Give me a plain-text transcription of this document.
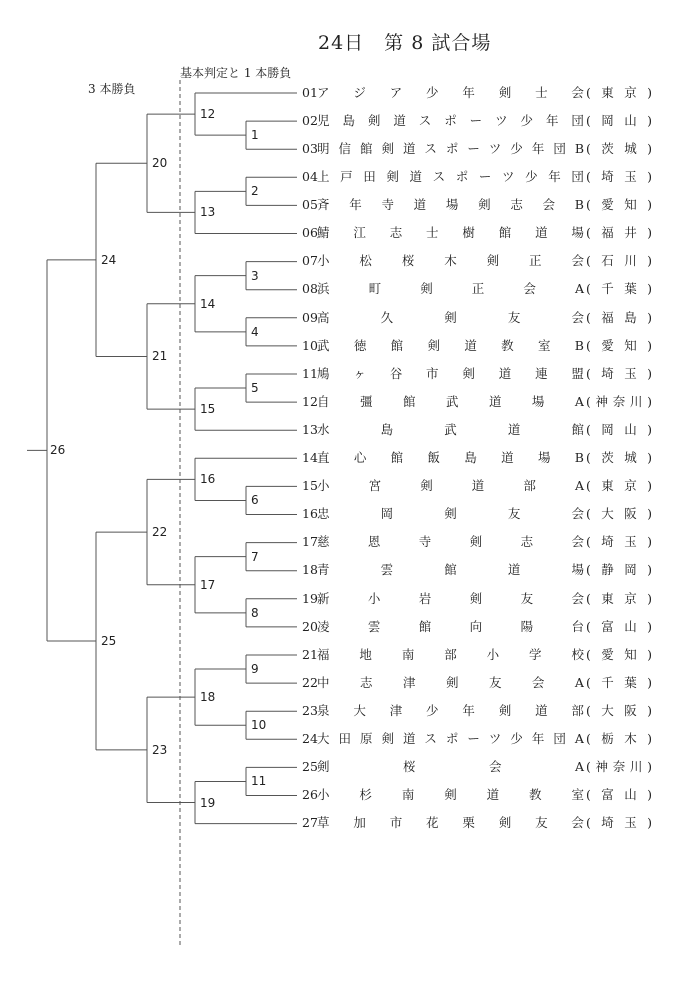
24日　第 8 試合場
3 本勝負
基本判定と 1 本勝負
01 ア ジ ア 少 年 剣 士 会 ( 東 京 )
02 児 島 剣 道 ス ポ ー ツ 少 年 団 ( 岡 山 )
03 明 信 館 剣 道 ス ポ ー ツ 少 年 団 B ( 茨 城 )
04 上 戸 田 剣 道 ス ポ ー ツ 少 年 団 ( 埼 玉 )
05 斉 年 寺 道 場 剣 志 会 B ( 愛 知 )
06 鯖 江 志 士 樹 館 道 場 ( 福 井 )
07 小 松 桜 木 剣 正 会 ( 石 川 )
08 浜	町	剣	正	会	A ( 千 葉 )
09 高	久	剣	友	会 ( 福 島 )
10 武 徳 館 剣 道 教 室 B ( 愛 知 )
11 鳩 ヶ 谷 市 剣 道 連 盟 ( 埼 玉 )
12 自 彊 館 武 道 場 A ( 神 奈 川 )
13 水	島	武	道	館 ( 岡 山 )
14 直 心 館 飯 島 道 場 B ( 茨 城 )
15 小	宮	剣	道	部	A ( 東 京 )
16 忠	岡	剣	友	会 ( 大 阪 )
17 慈	恩	寺	剣	志	会 ( 埼 玉 )
18 青	雲	館	道	場 ( 静 岡 )
19 新	小	岩	剣	友	会 ( 東 京 )
20 凌	雲	館	向	陽	台 ( 富 山 )
21 福 地 南 部 小 学 校 ( 愛 知 )
22 中 志 津 剣 友 会 A ( 千 葉 )
23 泉 大 津 少 年 剣 道 部 ( 大 阪 )
24 大 田 原 剣 道 ス ポ ー ツ 少 年 団 A ( 栃 木 )
25 剣	桜	会	A ( 神 奈 川 )
26 小 杉 南 剣 道 教 室 ( 富 山 )
27 草 加 市 花 栗 剣 友 会 ( 埼 玉 )
1
2
3
4
5
6
7
8
9
10
11
12
13
14
15
16
17
18
19
20
21
22
23
24
25
26
